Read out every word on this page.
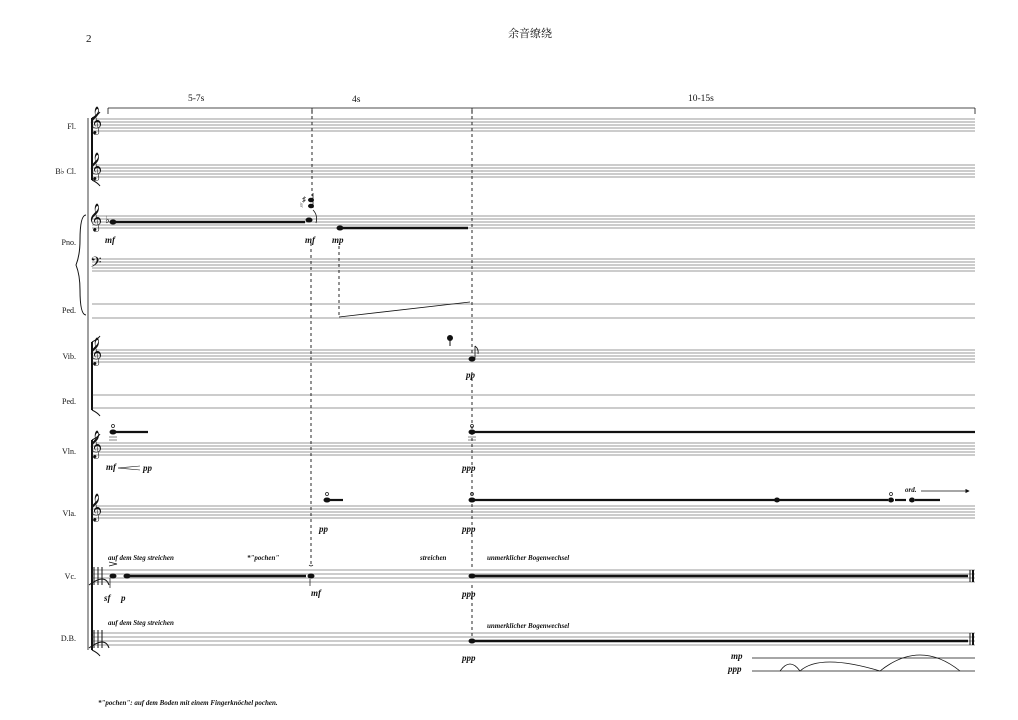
2	余音缭绕
5-7s	4s	10-15s
Fl.
B♭ Cl.
Pno.
Ped.
Vib.
Ped.
Vln.
Vla.
Vc.
D.B.
𝄞
𝄞
𝄞
𝄢
𝄞
𝄞
𝄞
♭
♮
♯
mf	mf mp
pp
mf	pp	ppp
pp	ppp
sf p	mf	ppp
ppp	mp
ppp
auf dem Steg streichen	*"pochen"	streichen	unmerklicher Bogenwechsel
auf dem Steg streichen	unmerklicher Bogenwechsel
ord.
*"pochen": auf dem Boden mit einem Fingerknöchel pochen.
